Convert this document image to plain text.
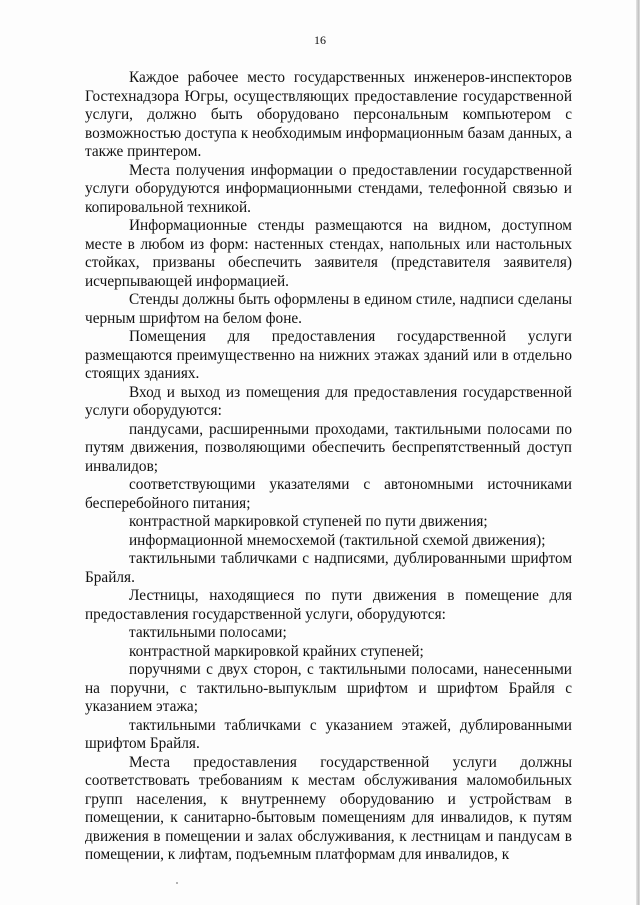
16

Каждое рабочее место государственных инженеров-инспекторов Гостехнадзора Югры, осуществляющих предоставление государственной услуги, должно быть оборудовано персональным компьютером с возможностью доступа к необходимым информационным базам данных, а также принтером.

Места получения информации о предоставлении государственной услуги оборудуются информационными стендами, телефонной связью и копировальной техникой.

Информационные стенды размещаются на видном, доступном месте в любом из форм: настенных стендах, напольных или настольных стойках, призваны обеспечить заявителя (представителя заявителя) исчерпывающей информацией.

Стенды должны быть оформлены в едином стиле, надписи сделаны черным шрифтом на белом фоне.

Помещения для предоставления государственной услуги размещаются преимущественно на нижних этажах зданий или в отдельно стоящих зданиях.

Вход и выход из помещения для предоставления государственной услуги оборудуются:

пандусами, расширенными проходами, тактильными полосами по путям движения, позволяющими обеспечить беспрепятственный доступ инвалидов;

соответствующими указателями с автономными источниками бесперебойного питания;

контрастной маркировкой ступеней по пути движения;

информационной мнемосхемой (тактильной схемой движения);

тактильными табличками с надписями, дублированными шрифтом Брайля.

Лестницы, находящиеся по пути движения в помещение для предоставления государственной услуги, оборудуются:

тактильными полосами;

контрастной маркировкой крайних ступеней;

поручнями с двух сторон, с тактильными полосами, нанесенными на поручни, с тактильно-выпуклым шрифтом и шрифтом Брайля с указанием этажа;

тактильными табличками с указанием этажей, дублированными шрифтом Брайля.

Места предоставления государственной услуги должны соответствовать требованиям к местам обслуживания маломобильных групп населения, к внутреннему оборудованию и устройствам в помещении, к санитарно-бытовым помещениям для инвалидов, к путям движения в помещении и залах обслуживания, к лестницам и пандусам в помещении, к лифтам, подъемным платформам для инвалидов, к
